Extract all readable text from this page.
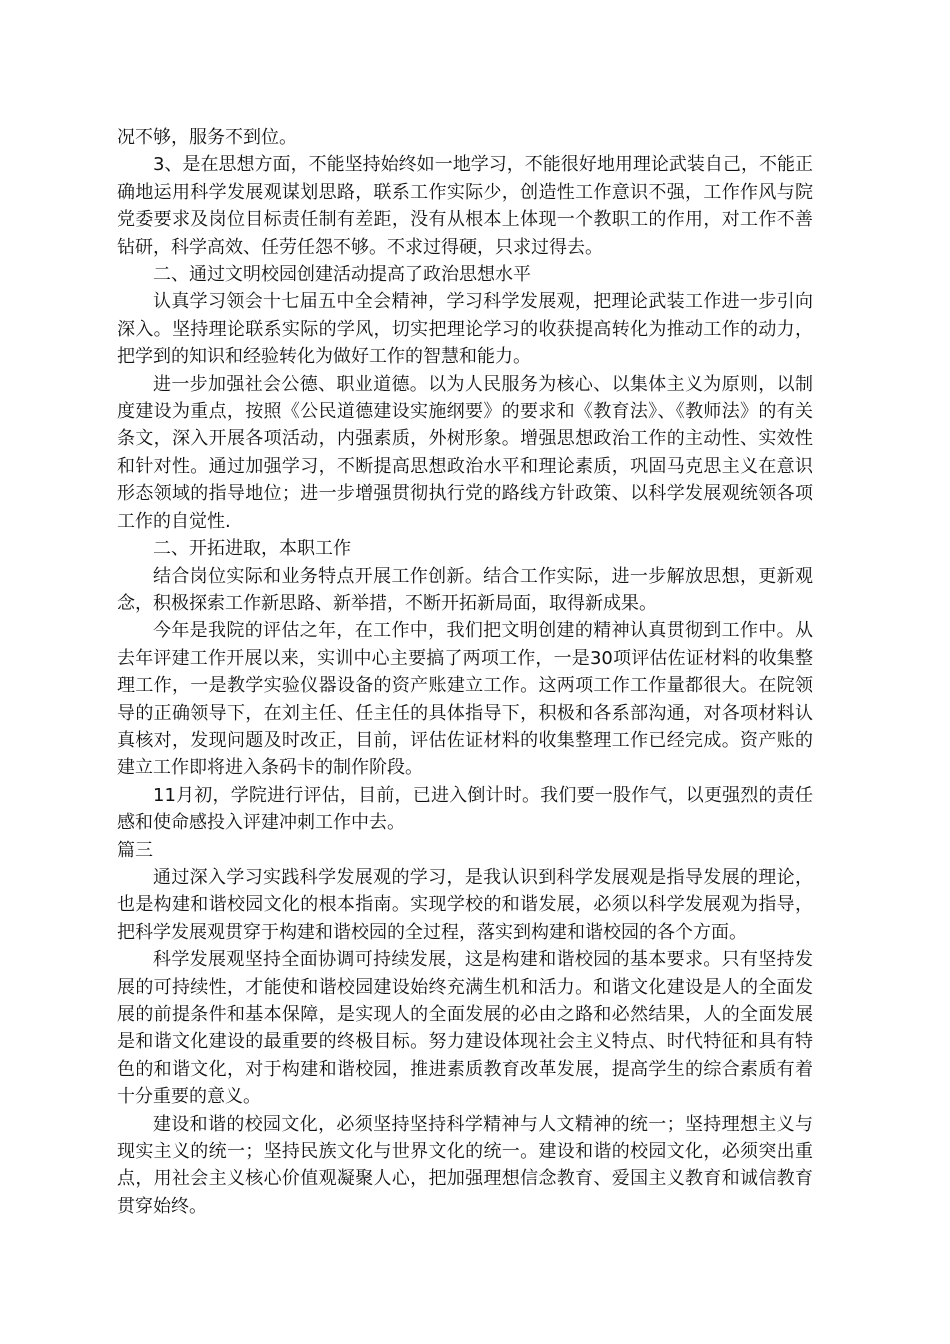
况不够，服务不到位。

3、是在思想方面，不能坚持始终如一地学习，不能很好地用理论武装自己，不能正确地运用科学发展观谋划思路，联系工作实际少，创造性工作意识不强，工作作风与院党委要求及岗位目标责任制有差距，没有从根本上体现一个教职工的作用，对工作不善钻研，科学高效、任劳任怨不够。不求过得硬，只求过得去。

二、通过文明校园创建活动提高了政治思想水平

认真学习领会十七届五中全会精神，学习科学发展观，把理论武装工作进一步引向深入。坚持理论联系实际的学风，切实把理论学习的收获提高转化为推动工作的动力，把学到的知识和经验转化为做好工作的智慧和能力。

进一步加强社会公德、职业道德。以为人民服务为核心、以集体主义为原则，以制度建设为重点，按照《公民道德建设实施纲要》的要求和《教育法》、《教师法》的有关条文，深入开展各项活动，内强素质，外树形象。增强思想政治工作的主动性、实效性和针对性。通过加强学习，不断提高思想政治水平和理论素质，巩固马克思主义在意识形态领域的指导地位；进一步增强贯彻执行党的路线方针政策、以科学发展观统领各项工作的自觉性.

二、开拓进取，本职工作

结合岗位实际和业务特点开展工作创新。结合工作实际，进一步解放思想，更新观念，积极探索工作新思路、新举措，不断开拓新局面，取得新成果。

今年是我院的评估之年，在工作中，我们把文明创建的精神认真贯彻到工作中。从去年评建工作开展以来，实训中心主要搞了两项工作，一是30项评估佐证材料的收集整理工作，一是教学实验仪器设备的资产账建立工作。这两项工作工作量都很大。在院领导的正确领导下，在刘主任、任主任的具体指导下，积极和各系部沟通，对各项材料认真核对，发现问题及时改正，目前，评估佐证材料的收集整理工作已经完成。资产账的建立工作即将进入条码卡的制作阶段。

11月初，学院进行评估，目前，已进入倒计时。我们要一股作气，以更强烈的责任感和使命感投入评建冲刺工作中去。

篇三

通过深入学习实践科学发展观的学习，是我认识到科学发展观是指导发展的理论，也是构建和谐校园文化的根本指南。实现学校的和谐发展，必须以科学发展观为指导，把科学发展观贯穿于构建和谐校园的全过程，落实到构建和谐校园的各个方面。

科学发展观坚持全面协调可持续发展，这是构建和谐校园的基本要求。只有坚持发展的可持续性，才能使和谐校园建设始终充满生机和活力。和谐文化建设是人的全面发展的前提条件和基本保障，是实现人的全面发展的必由之路和必然结果，人的全面发展是和谐文化建设的最重要的终极目标。努力建设体现社会主义特点、时代特征和具有特色的和谐文化，对于构建和谐校园，推进素质教育改革发展，提高学生的综合素质有着十分重要的意义。

建设和谐的校园文化，必须坚持坚持科学精神与人文精神的统一；坚持理想主义与现实主义的统一；坚持民族文化与世界文化的统一。建设和谐的校园文化，必须突出重点，用社会主义核心价值观凝聚人心，把加强理想信念教育、爱国主义教育和诚信教育贯穿始终。
